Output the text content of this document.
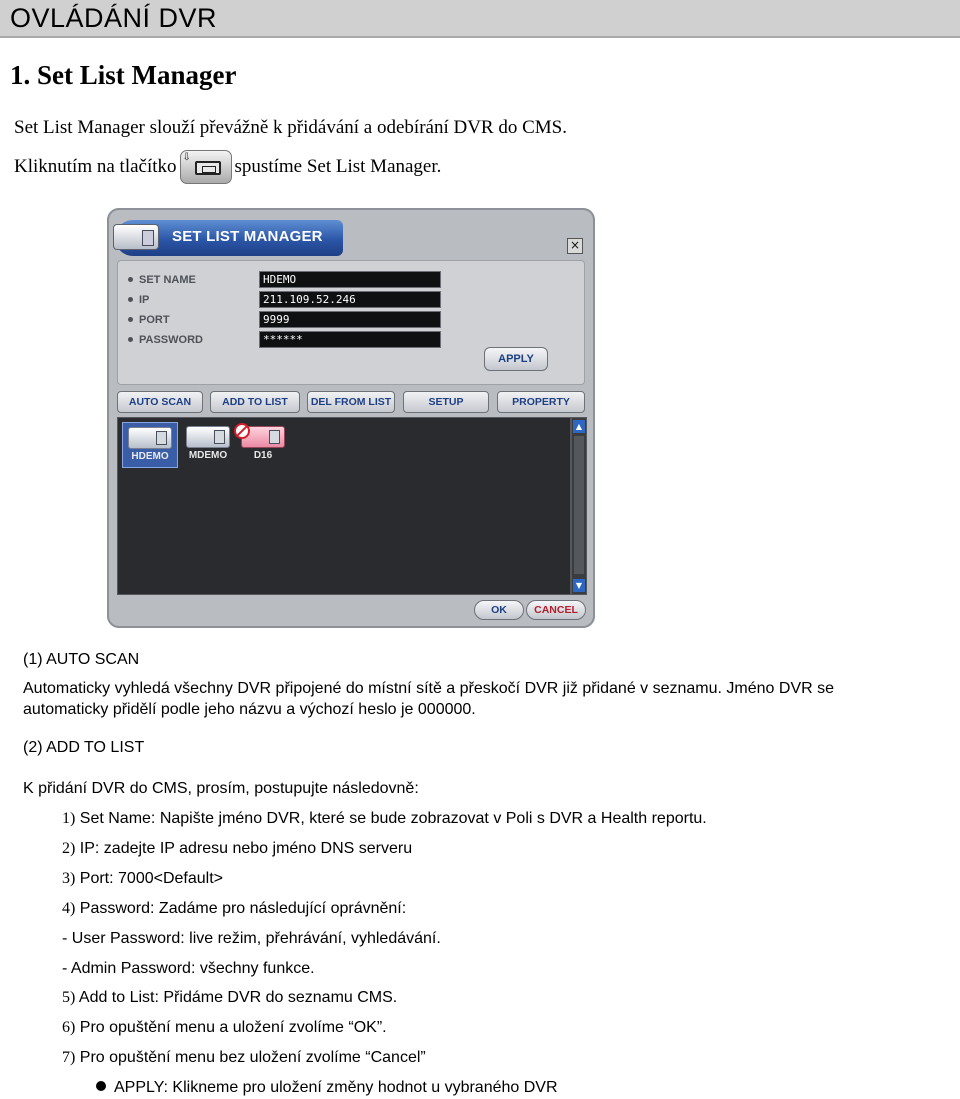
OVLÁDÁNÍ DVR
1. Set List Manager
Set List Manager slouží převážně k přidávání a odebírání DVR do CMS.
Kliknutím na tlačítko ⇩ spustíme Set List Manager.
SET LIST MANAGER	×
SET NAME	HDEMO
IP	211.109.52.246
PORT	9999
PASSWORD	******
APPLY
AUTO SCAN	ADD TO LIST	DEL FROM LIST	SETUP	PROPERTY
HDEMO	MDEMO	D16
▲
▼
OK	CANCEL
(1) AUTO SCAN
Automaticky vyhledá všechny DVR připojené do místní sítě a přeskočí DVR již přidané v seznamu. Jméno DVR se
automaticky přidělí podle jeho názvu a výchozí heslo je 000000.
(2) ADD TO LIST
K přidání DVR do CMS, prosím, postupujte následovně:
1) Set Name: Napište jméno DVR, které se bude zobrazovat v Poli s DVR a Health reportu.
2) IP: zadejte IP adresu nebo jméno DNS serveru
3) Port: 7000<Default>
4) Password: Zadáme pro následující oprávnění:
- User Password: live režim, přehrávání, vyhledávání.
- Admin Password: všechny funkce.
5) Add to List: Přidáme DVR do seznamu CMS.
6) Pro opuštění menu a uložení zvolíme “OK”.
7) Pro opuštění menu bez uložení zvolíme “Cancel”
APPLY: Klikneme pro uložení změny hodnot u vybraného DVR
